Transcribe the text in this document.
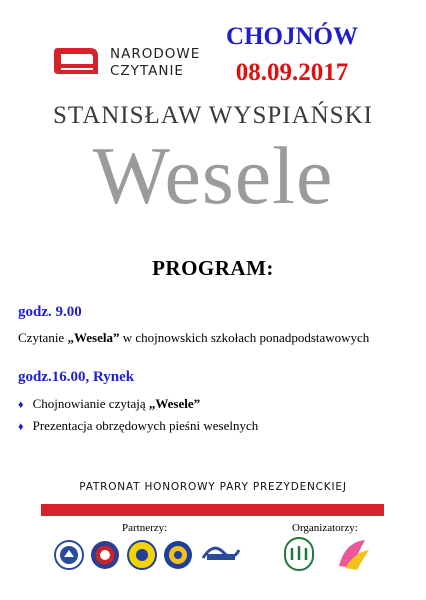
NARODOWE
CZYTANIE
CHOJNÓW
08.09.2017
STANISŁAW WYSPIAŃSKI
Wesele
PROGRAM:
godz. 9.00
Czytanie „Wesela” w chojnowskich szkołach ponadpodstawowych
godz.16.00, Rynek
♦ Chojnowianie czytają „Wesele”
♦ Prezentacja obrzędowych pieśni weselnych
PATRONAT HONOROWY PARY PREZYDENCKIEJ
Partnerzy:	Organizatorzy:
